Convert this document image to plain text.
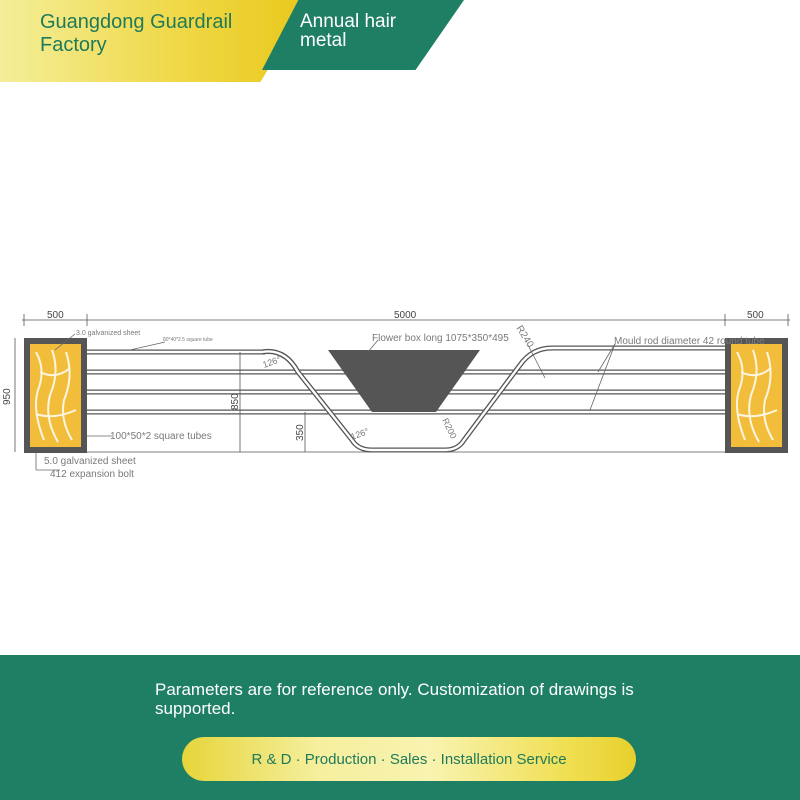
Guangdong Guardrail Factory
Annual hair metal
500	5000	500
950	850
350
3.0 galvanized sheet
80*40*2.5 square tube	Flower box long 1075*350*495 R240	Mould rod diameter 42 round tube
126°
126°	R200
100*50*2 square tubes
5.0 galvanized sheet
412 expansion bolt
Parameters are for reference only. Customization of drawings is supported.
R & D · Production · Sales · Installation Service
